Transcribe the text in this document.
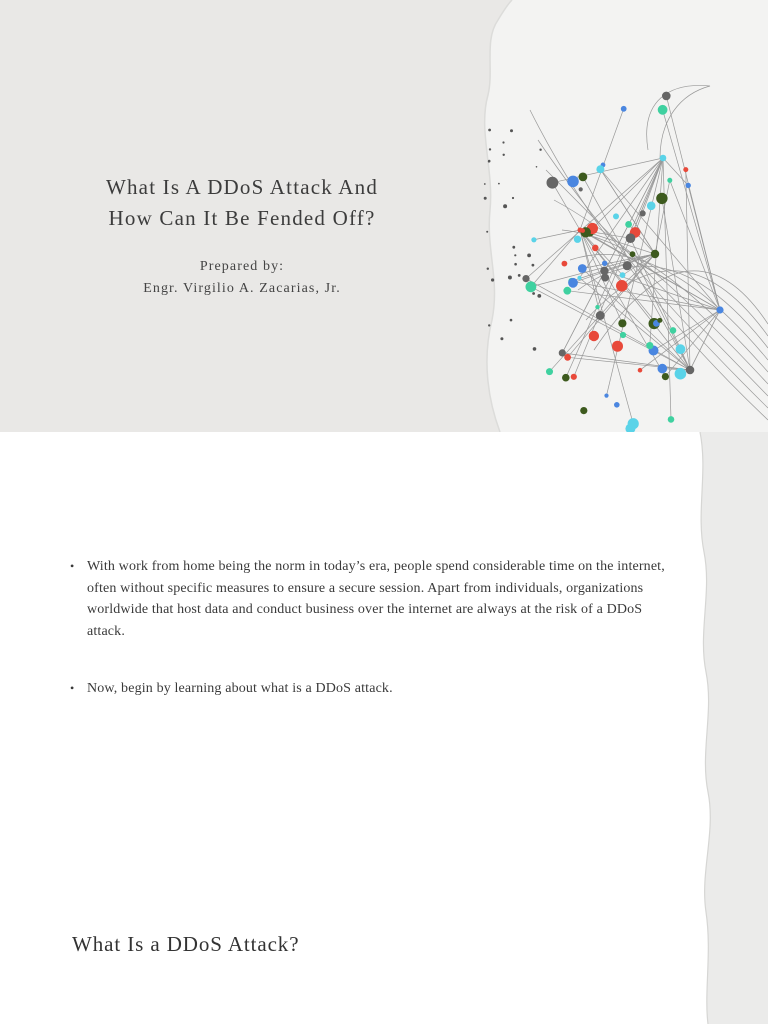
What Is A DDoS Attack And
How Can It Be Fended Off?
Prepared by:
Engr. Virgilio A. Zacarias, Jr.
• With work from home being the norm in today’s era, people spend considerable time on the internet, often without specific measures to ensure a secure session. Apart from individuals, organizations worldwide that host data and conduct business over the internet are always at the risk of a DDoS attack.
• Now, begin by learning about what is a DDoS attack.
What Is a DDoS Attack?
